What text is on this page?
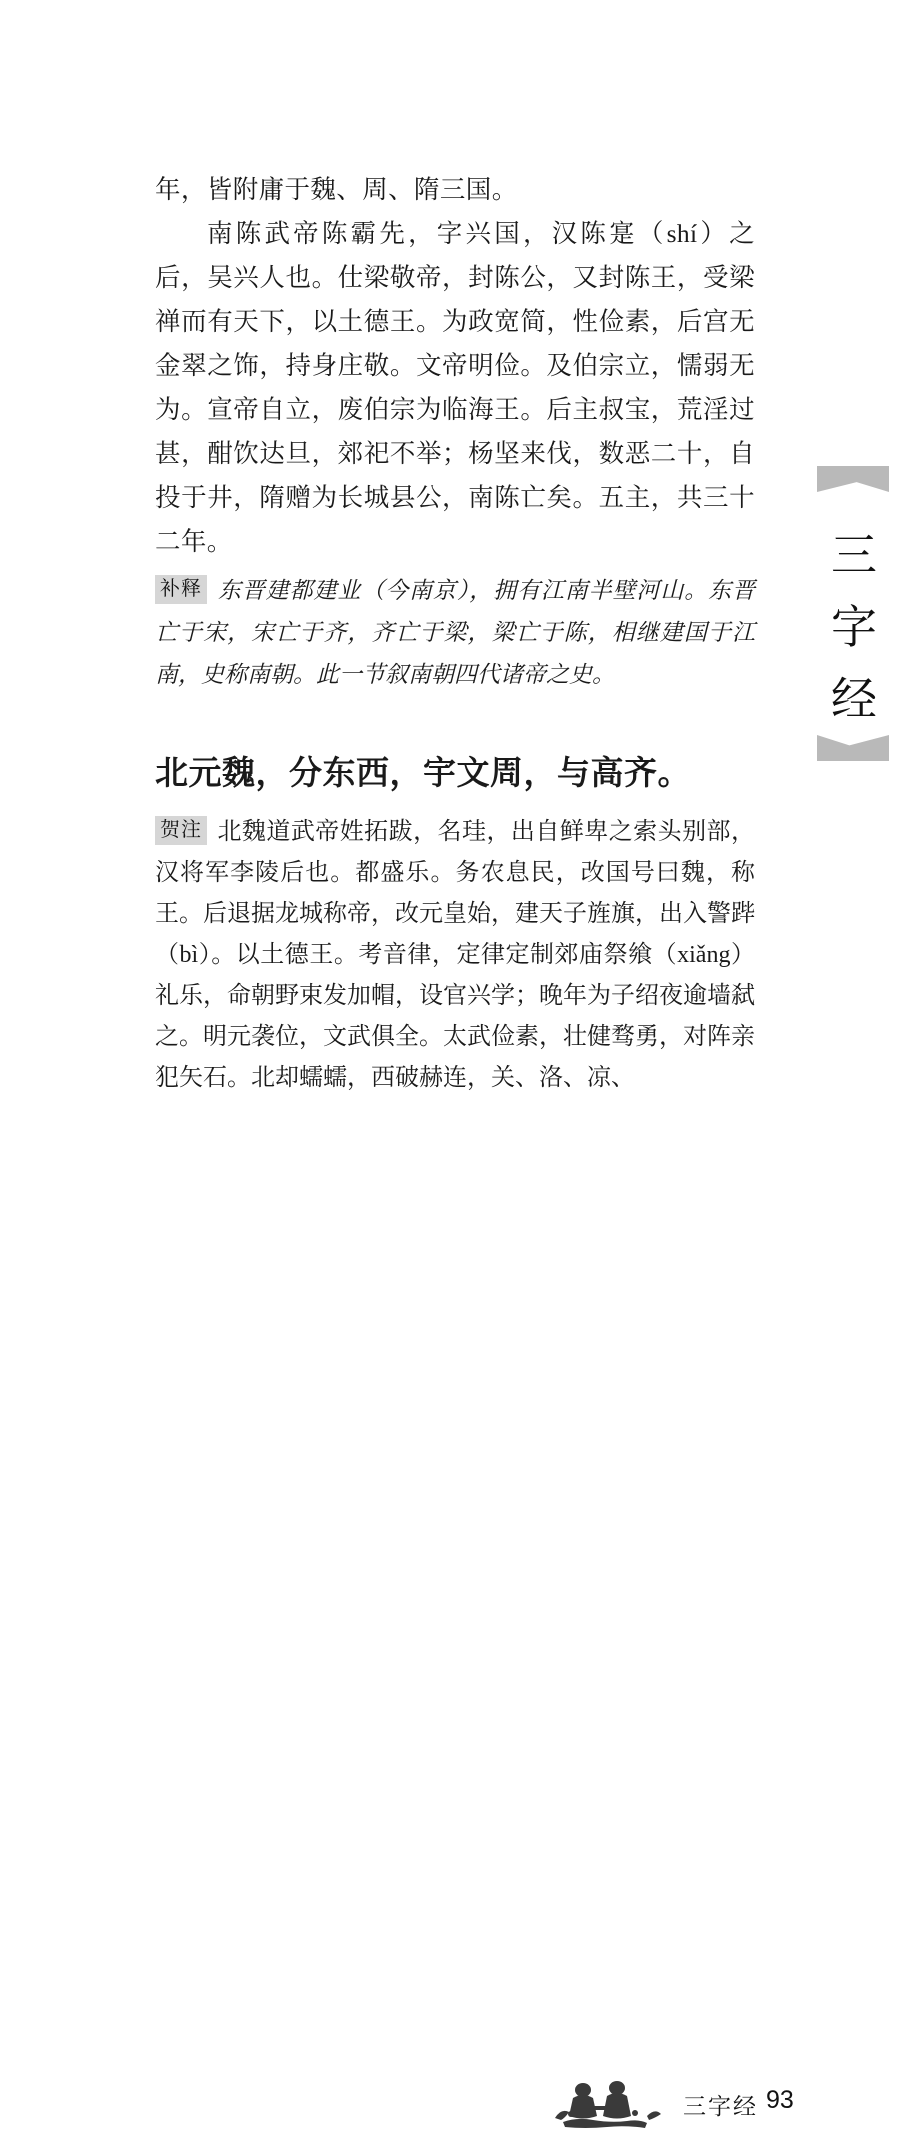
年，皆附庸于魏、周、隋三国。

南陈武帝陈霸先，字兴国，汉陈寔（shí）之后，吴兴人也。仕梁敬帝，封陈公，又封陈王，受梁禅而有天下，以土德王。为政宽简，性俭素，后宫无金翠之饰，持身庄敬。文帝明俭。及伯宗立，懦弱无为。宣帝自立，废伯宗为临海王。后主叔宝，荒淫过甚，酣饮达旦，郊祀不举；杨坚来伐，数恶二十，自投于井，隋赠为长城县公，南陈亡矣。五主，共三十二年。

补释 东晋建都建业（今南京），拥有江南半壁河山。东晋亡于宋，宋亡于齐，齐亡于梁，梁亡于陈，相继建国于江南，史称南朝。此一节叙南朝四代诸帝之史。
北元魏，分东西，宇文周，与高齐。
贺注 北魏道武帝姓拓跋，名珪，出自鲜卑之索头别部，汉将军李陵后也。都盛乐。务农息民，改国号曰魏，称王。后退据龙城称帝，改元皇始，建天子旌旗，出入警跸（bì）。以土德王。考音律，定律定制郊庙祭飨（xiǎng）礼乐，命朝野束发加帽，设官兴学；晚年为子绍夜逾墙弑之。明元袭位，文武俱全。太武俭素，壮健骛勇，对阵亲犯矢石。北却蠕蠕，西破赫连，关、洛、凉、
三
字
经
三字经 93
